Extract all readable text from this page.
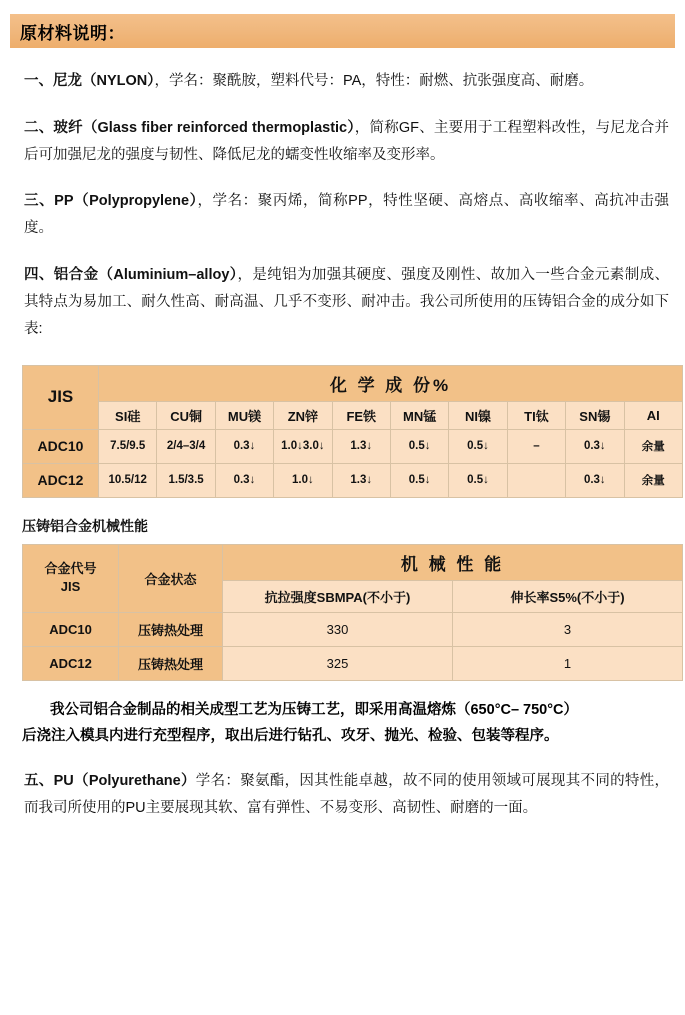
原材料说明：

一、尼龙（NYLON），学名：聚酰胺，塑料代号：PA，特性：耐燃、抗张强度高、耐磨。

二、玻纤（Glass fiber reinforced thermoplastic），简称GF、主要用于工程塑料改性，与尼龙合并后可加强尼龙的强度与韧性、降低尼龙的蠕变性收缩率及变形率。

三、PP（Polypropylene），学名：聚丙烯，简称PP，特性坚硬、高熔点、高收缩率、高抗冲击强度。

四、铝合金（Aluminium–alloy），是纯铝为加强其硬度、强度及刚性、故加入一些合金元素制成、其特点为易加工、耐久性高、耐高温、几乎不变形、耐冲击。我公司所使用的压铸铝合金的成分如下表:

JIS	化 学 成 份%									
	SI硅	CU铜	MU镁	ZN锌	FE铁	MN锰	NI镍	TI钛	SN锡	AI
ADC10	7.5/9.5	2/4–3/4	0.3↓	1.0↓3.0↓	1.3↓	0.5↓	0.5↓	–	0.3↓	余量
ADC12	10.5/12	1.5/3.5	0.3↓	1.0↓	1.3↓	0.5↓	0.5↓		0.3↓	余量
压铸铝合金机械性能
合金代号
JIS	合金状态	机 械 性 能	
		抗拉强度SBMPA(不小于)	伸长率S5%(不小于)
ADC10	压铸热处理	330	3
ADC12	压铸热处理	325	1

我公司铝合金制品的相关成型工艺为压铸工艺，即采用高温熔炼（650°C– 750°C）
后浇注入模具内进行充型程序，取出后进行钻孔、攻牙、抛光、检验、包装等程序。

五、PU（Polyurethane）学名：聚氨酯，因其性能卓越，故不同的使用领域可展现其不同的特性，而我司所使用的PU主要展现其软、富有弹性、不易变形、高韧性、耐磨的一面。
